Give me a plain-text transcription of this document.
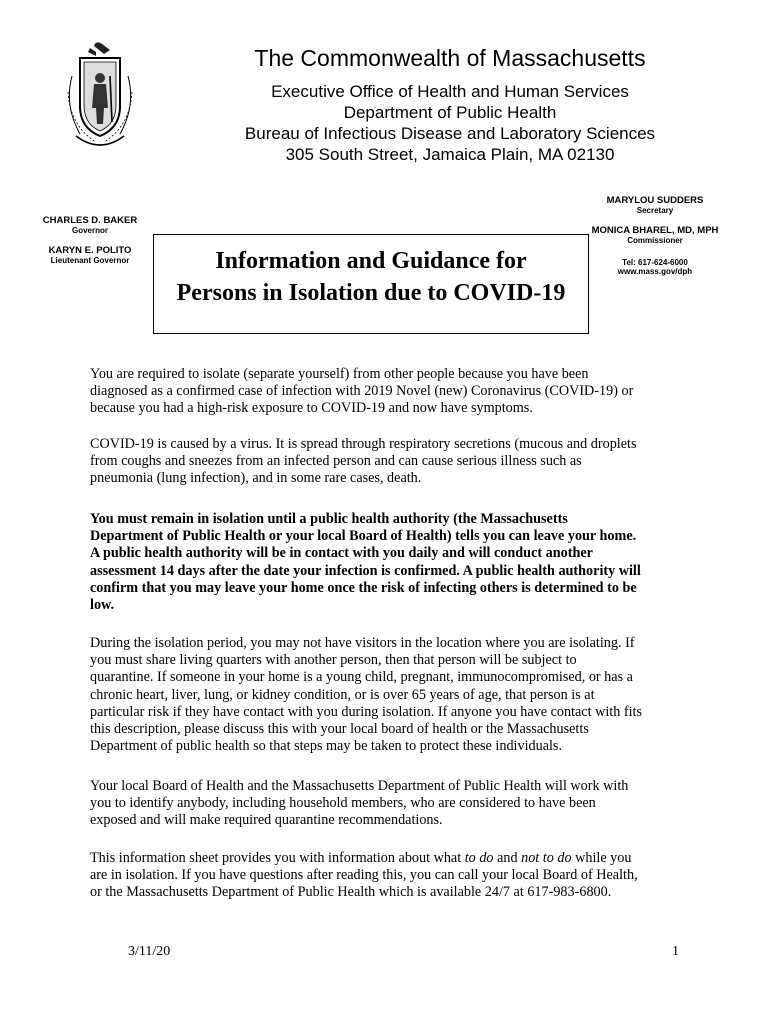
The Commonwealth of Massachusetts
Executive Office of Health and Human Services
Department of Public Health
Bureau of Infectious Disease and Laboratory Sciences
305 South Street, Jamaica Plain, MA 02130
CHARLES D. BAKER
Governor
KARYN E. POLITO
Lieutenant Governor
MARYLOU SUDDERS
Secretary
MONICA BHAREL, MD, MPH
Commissioner
Tel: 617-624-6000
www.mass.gov/dph
Information and Guidance for
Persons in Isolation due to COVID-19
You are required to isolate (separate yourself) from other people because you have been
diagnosed as a confirmed case of infection with 2019 Novel (new) Coronavirus (COVID-19) or
because you had a high-risk exposure to COVID-19 and now have symptoms.
COVID-19 is caused by a virus. It is spread through respiratory secretions (mucous and droplets
from coughs and sneezes from an infected person and can cause serious illness such as
pneumonia (lung infection), and in some rare cases, death.
You must remain in isolation until a public health authority (the Massachusetts
Department of Public Health or your local Board of Health) tells you can leave your home.
A public health authority will be in contact with you daily and will conduct another
assessment 14 days after the date your infection is confirmed. A public health authority will
confirm that you may leave your home once the risk of infecting others is determined to be
low.
During the isolation period, you may not have visitors in the location where you are isolating. If
you must share living quarters with another person, then that person will be subject to
quarantine. If someone in your home is a young child, pregnant, immunocompromised, or has a
chronic heart, liver, lung, or kidney condition, or is over 65 years of age, that person is at
particular risk if they have contact with you during isolation. If anyone you have contact with fits
this description, please discuss this with your local board of health or the Massachusetts
Department of public health so that steps may be taken to protect these individuals.
Your local Board of Health and the Massachusetts Department of Public Health will work with
you to identify anybody, including household members, who are considered to have been
exposed and will make required quarantine recommendations.
This information sheet provides you with information about what to do and not to do while you
are in isolation. If you have questions after reading this, you can call your local Board of Health,
or the Massachusetts Department of Public Health which is available 24/7 at 617-983-6800.
3/11/20	1
